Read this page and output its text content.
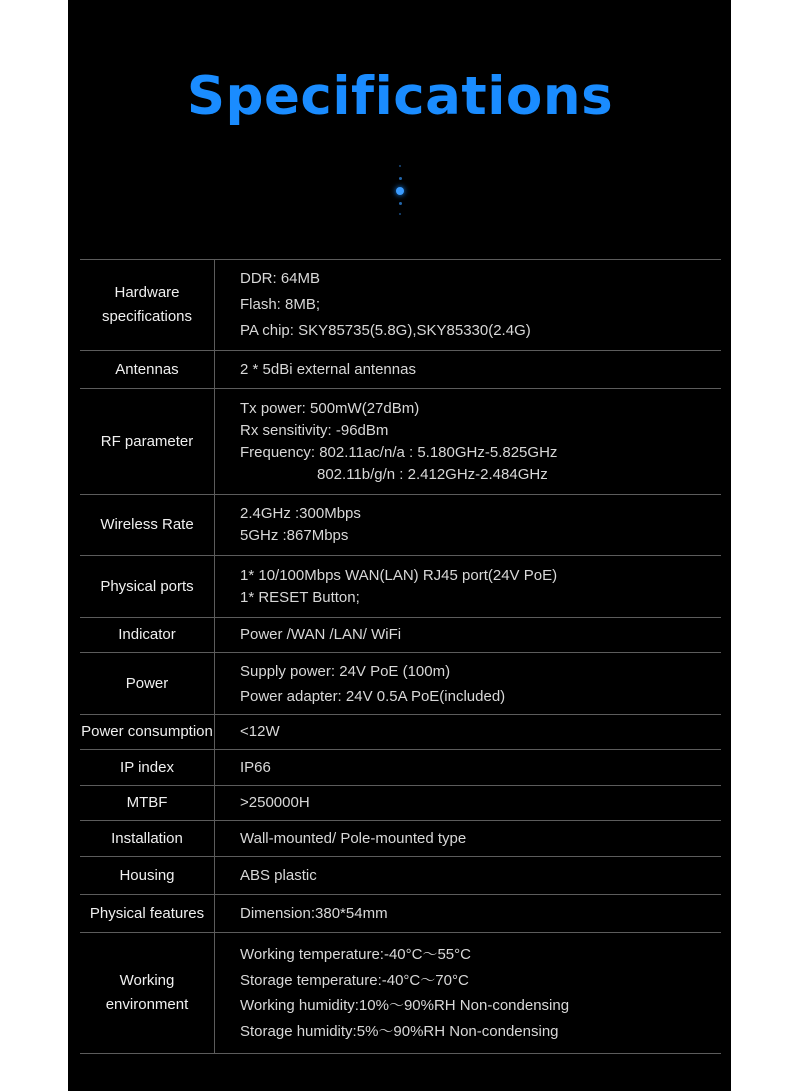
Specifications
Hardware
specifications	DDR: 64MB
Flash: 8MB;
PA chip: SKY85735(5.8G),SKY85330(2.4G)

Antennas	2 * 5dBi external antennas

RF parameter	Tx power: 500mW(27dBm)
Rx sensitivity: -96dBm
Frequency: 802.11ac/n/a : 5.180GHz-5.825GHz
802.11b/g/n : 2.412GHz-2.484GHz

Wireless Rate	2.4GHz :300Mbps
5GHz :867Mbps

Physical ports	1* 10/100Mbps WAN(LAN) RJ45 port(24V PoE)
1* RESET Button;

Indicator	Power /WAN /LAN/ WiFi

Power	Supply power: 24V PoE (100m)
Power adapter: 24V 0.5A PoE(included)

Power consumption	<12W

IP index	IP66

MTBF	>250000H

Installation	Wall-mounted/ Pole-mounted type

Housing	ABS plastic

Physical features	Dimension:380*54mm

Working
environment	Working temperature:-40°C～55°C
Storage temperature:-40°C～70°C
Working humidity:10%～90%RH Non-condensing
Storage humidity:5%～90%RH Non-condensing
